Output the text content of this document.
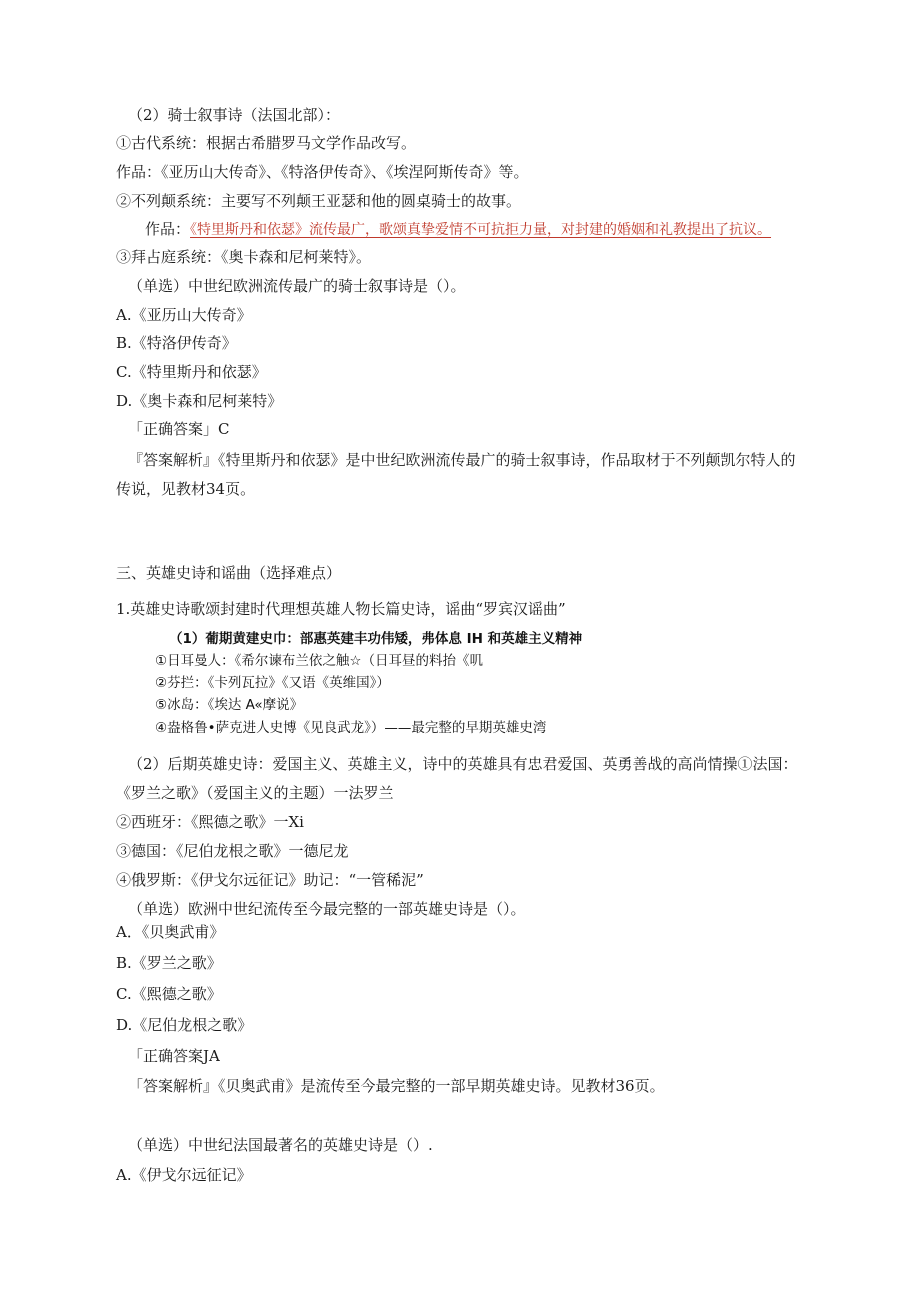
（2）骑士叙事诗（法国北部）：
①古代系统：根据古希腊罗马文学作品改写。
作品：《亚历山大传奇》、《特洛伊传奇》、《埃涅阿斯传奇》等。
②不列颠系统：主要写不列颠王亚瑟和他的圆桌骑士的故事。
作品：《特里斯丹和依瑟》流传最广，歌颂真挚爱情不可抗拒力量，对封建的婚姻和礼教提出了抗议。
③拜占庭系统：《奥卡森和尼柯莱特》。
（单选）中世纪欧洲流传最广的骑士叙事诗是（）。
A.《亚历山大传奇》
B.《特洛伊传奇》
C.《特里斯丹和依瑟》
D.《奥卡森和尼柯莱特》
「正确答案」C
『答案解析』《特里斯丹和依瑟》是中世纪欧洲流传最广的骑士叙事诗，作品取材于不列颠凯尔特人的
传说，见教材34页。
三、英雄史诗和谣曲（选择难点）
1.英雄史诗歌颂封建时代理想英雄人物长篇史诗，谣曲“罗宾汉谣曲”
（1）葡期黄建史巾：部惠英建丰功伟矮，弗体息 IH 和英雄主义精神
①日耳曼人：《希尔谏布兰依之触☆（日耳昼的料抬《叽
②芬拦：《卡列瓦拉》《又语《英维国》）
⑤冰岛：《埃达 A«摩说》
④盎格鲁•萨克进人史博《见良武龙》）——最完整的早期英雄史湾
（2）后期英雄史诗：爱国主义、英雄主义，诗中的英雄具有忠君爱国、英勇善战的高尚情操①法国：
《罗兰之歌》（爱国主义的主题）一法罗兰
②西班牙：《熙德之歌》一Xi
③德国：《尼伯龙根之歌》一德尼龙
④俄罗斯：《伊戈尔远征记》助记：“一管稀泥”
（单选）欧洲中世纪流传至今最完整的一部英雄史诗是（）。
A．《贝奥武甫》
B.《罗兰之歌》
C.《熙德之歌》
D.《尼伯龙根之歌》
「正确答案JA
「答案解析』《贝奥武甫》是流传至今最完整的一部早期英雄史诗。见教材36页。
（单选）中世纪法国最著名的英雄史诗是（）.
A.《伊戈尔远征记》
